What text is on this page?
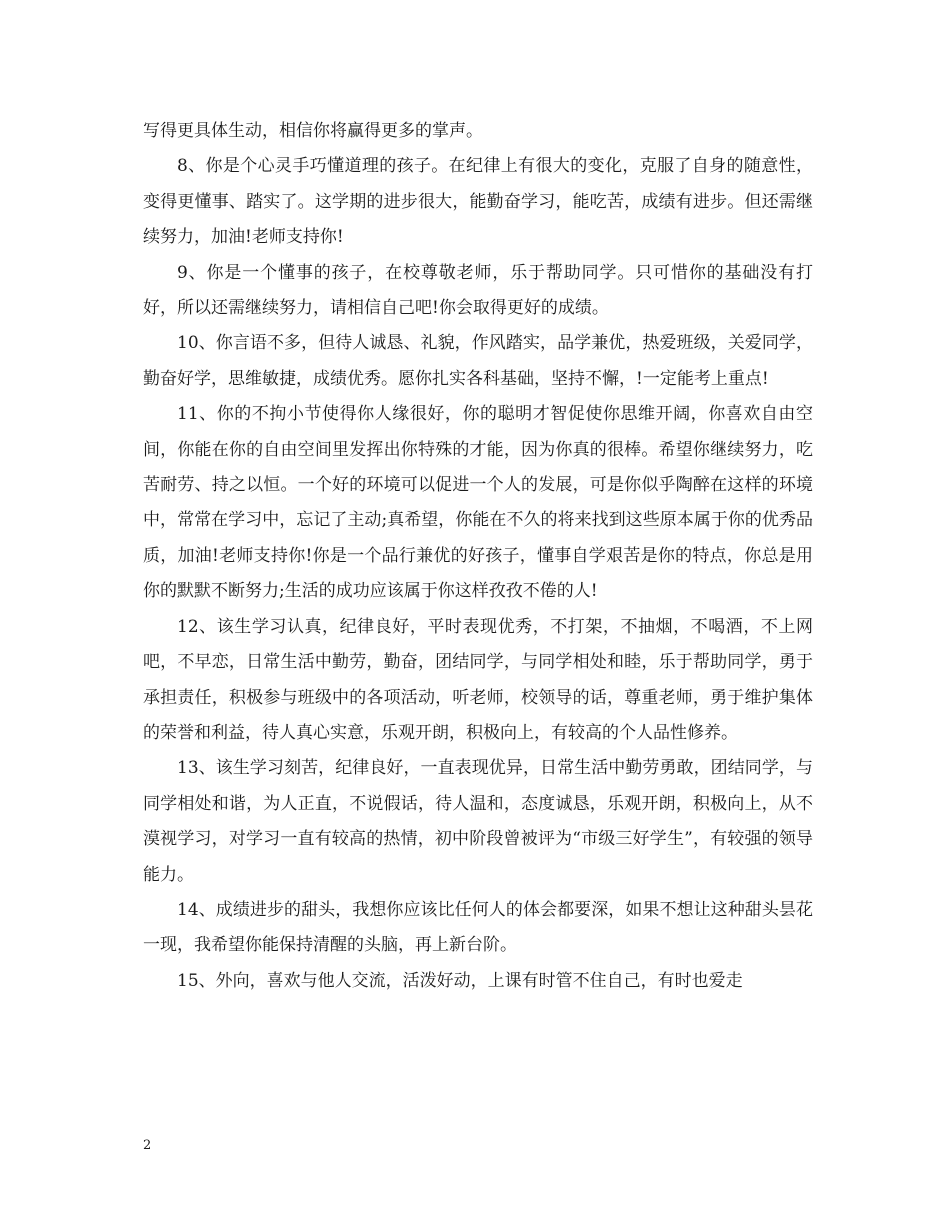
写得更具体生动，相信你将赢得更多的掌声。

8、你是个心灵手巧懂道理的孩子。在纪律上有很大的变化，克服了自身的随意性，变得更懂事、踏实了。这学期的进步很大，能勤奋学习，能吃苦，成绩有进步。但还需继续努力，加油!老师支持你!

9、你是一个懂事的孩子，在校尊敬老师，乐于帮助同学。只可惜你的基础没有打好，所以还需继续努力，请相信自己吧!你会取得更好的成绩。

10、你言语不多，但待人诚恳、礼貌，作风踏实，品学兼优，热爱班级，关爱同学，勤奋好学，思维敏捷，成绩优秀。愿你扎实各科基础，坚持不懈，!一定能考上重点!

11、你的不拘小节使得你人缘很好，你的聪明才智促使你思维开阔，你喜欢自由空间，你能在你的自由空间里发挥出你特殊的才能，因为你真的很棒。希望你继续努力，吃苦耐劳、持之以恒。一个好的环境可以促进一个人的发展，可是你似乎陶醉在这样的环境中，常常在学习中，忘记了主动;真希望，你能在不久的将来找到这些原本属于你的优秀品质，加油!老师支持你!你是一个品行兼优的好孩子，懂事自学艰苦是你的特点，你总是用你的默默不断努力;生活的成功应该属于你这样孜孜不倦的人!

12、该生学习认真，纪律良好，平时表现优秀，不打架，不抽烟，不喝酒，不上网吧，不早恋，日常生活中勤劳，勤奋，团结同学，与同学相处和睦，乐于帮助同学，勇于承担责任，积极参与班级中的各项活动，听老师，校领导的话，尊重老师，勇于维护集体的荣誉和利益，待人真心实意，乐观开朗，积极向上，有较高的个人品性修养。

13、该生学习刻苦，纪律良好，一直表现优异，日常生活中勤劳勇敢，团结同学，与同学相处和谐，为人正直，不说假话，待人温和，态度诚恳，乐观开朗，积极向上，从不漠视学习，对学习一直有较高的热情，初中阶段曾被评为“市级三好学生”，有较强的领导能力。

14、成绩进步的甜头，我想你应该比任何人的体会都要深，如果不想让这种甜头昙花一现，我希望你能保持清醒的头脑，再上新台阶。

15、外向，喜欢与他人交流，活泼好动，上课有时管不住自己，有时也爱走

2
